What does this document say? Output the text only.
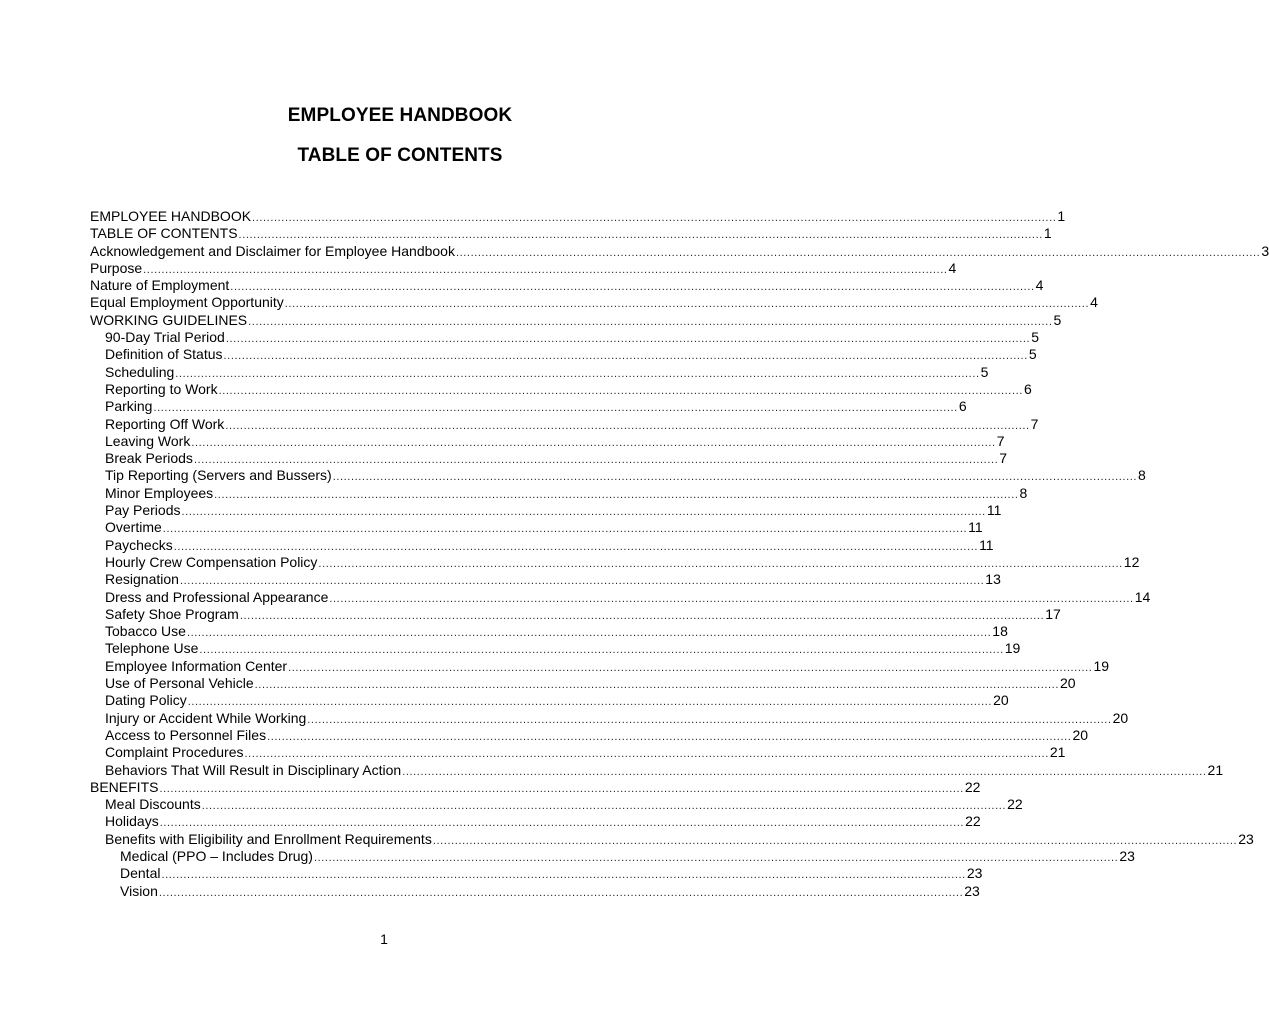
EMPLOYEE HANDBOOK
TABLE OF CONTENTS
EMPLOYEE HANDBOOK ............................................................................................................................................................................................................................ 1
TABLE OF CONTENTS ............................................................................................................................................................................................................................ 1
Acknowledgement and Disclaimer for Employee Handbook ............................................................................................................................................................................................................................ 3
Purpose ............................................................................................................................................................................................................................ 4
Nature of Employment ............................................................................................................................................................................................................................ 4
Equal Employment Opportunity ............................................................................................................................................................................................................................ 4
WORKING GUIDELINES ............................................................................................................................................................................................................................ 5
90-Day Trial Period ............................................................................................................................................................................................................................ 5
Definition of Status ............................................................................................................................................................................................................................ 5
Scheduling ............................................................................................................................................................................................................................ 5
Reporting to Work ............................................................................................................................................................................................................................ 6
Parking ............................................................................................................................................................................................................................ 6
Reporting Off Work ............................................................................................................................................................................................................................ 7
Leaving Work ............................................................................................................................................................................................................................ 7
Break Periods ............................................................................................................................................................................................................................ 7
Tip Reporting (Servers and Bussers) ............................................................................................................................................................................................................................ 8
Minor Employees ............................................................................................................................................................................................................................ 8
Pay Periods ............................................................................................................................................................................................................................ 11
Overtime ............................................................................................................................................................................................................................ 11
Paychecks ............................................................................................................................................................................................................................ 11
Hourly Crew Compensation Policy ............................................................................................................................................................................................................................ 12
Resignation ............................................................................................................................................................................................................................ 13
Dress and Professional Appearance ............................................................................................................................................................................................................................ 14
Safety Shoe Program ............................................................................................................................................................................................................................ 17
Tobacco Use ............................................................................................................................................................................................................................ 18
Telephone Use ............................................................................................................................................................................................................................ 19
Employee Information Center ............................................................................................................................................................................................................................ 19
Use of Personal Vehicle ............................................................................................................................................................................................................................ 20
Dating Policy ............................................................................................................................................................................................................................ 20
Injury or Accident While Working ............................................................................................................................................................................................................................ 20
Access to Personnel Files ............................................................................................................................................................................................................................ 20
Complaint Procedures ............................................................................................................................................................................................................................ 21
Behaviors That Will Result in Disciplinary Action ............................................................................................................................................................................................................................ 21
BENEFITS ............................................................................................................................................................................................................................ 22
Meal Discounts ............................................................................................................................................................................................................................ 22
Holidays ............................................................................................................................................................................................................................ 22
Benefits with Eligibility and Enrollment Requirements ............................................................................................................................................................................................................................ 23
Medical (PPO – Includes Drug) ............................................................................................................................................................................................................................ 23
Dental ............................................................................................................................................................................................................................ 23
Vision ............................................................................................................................................................................................................................ 23
1
